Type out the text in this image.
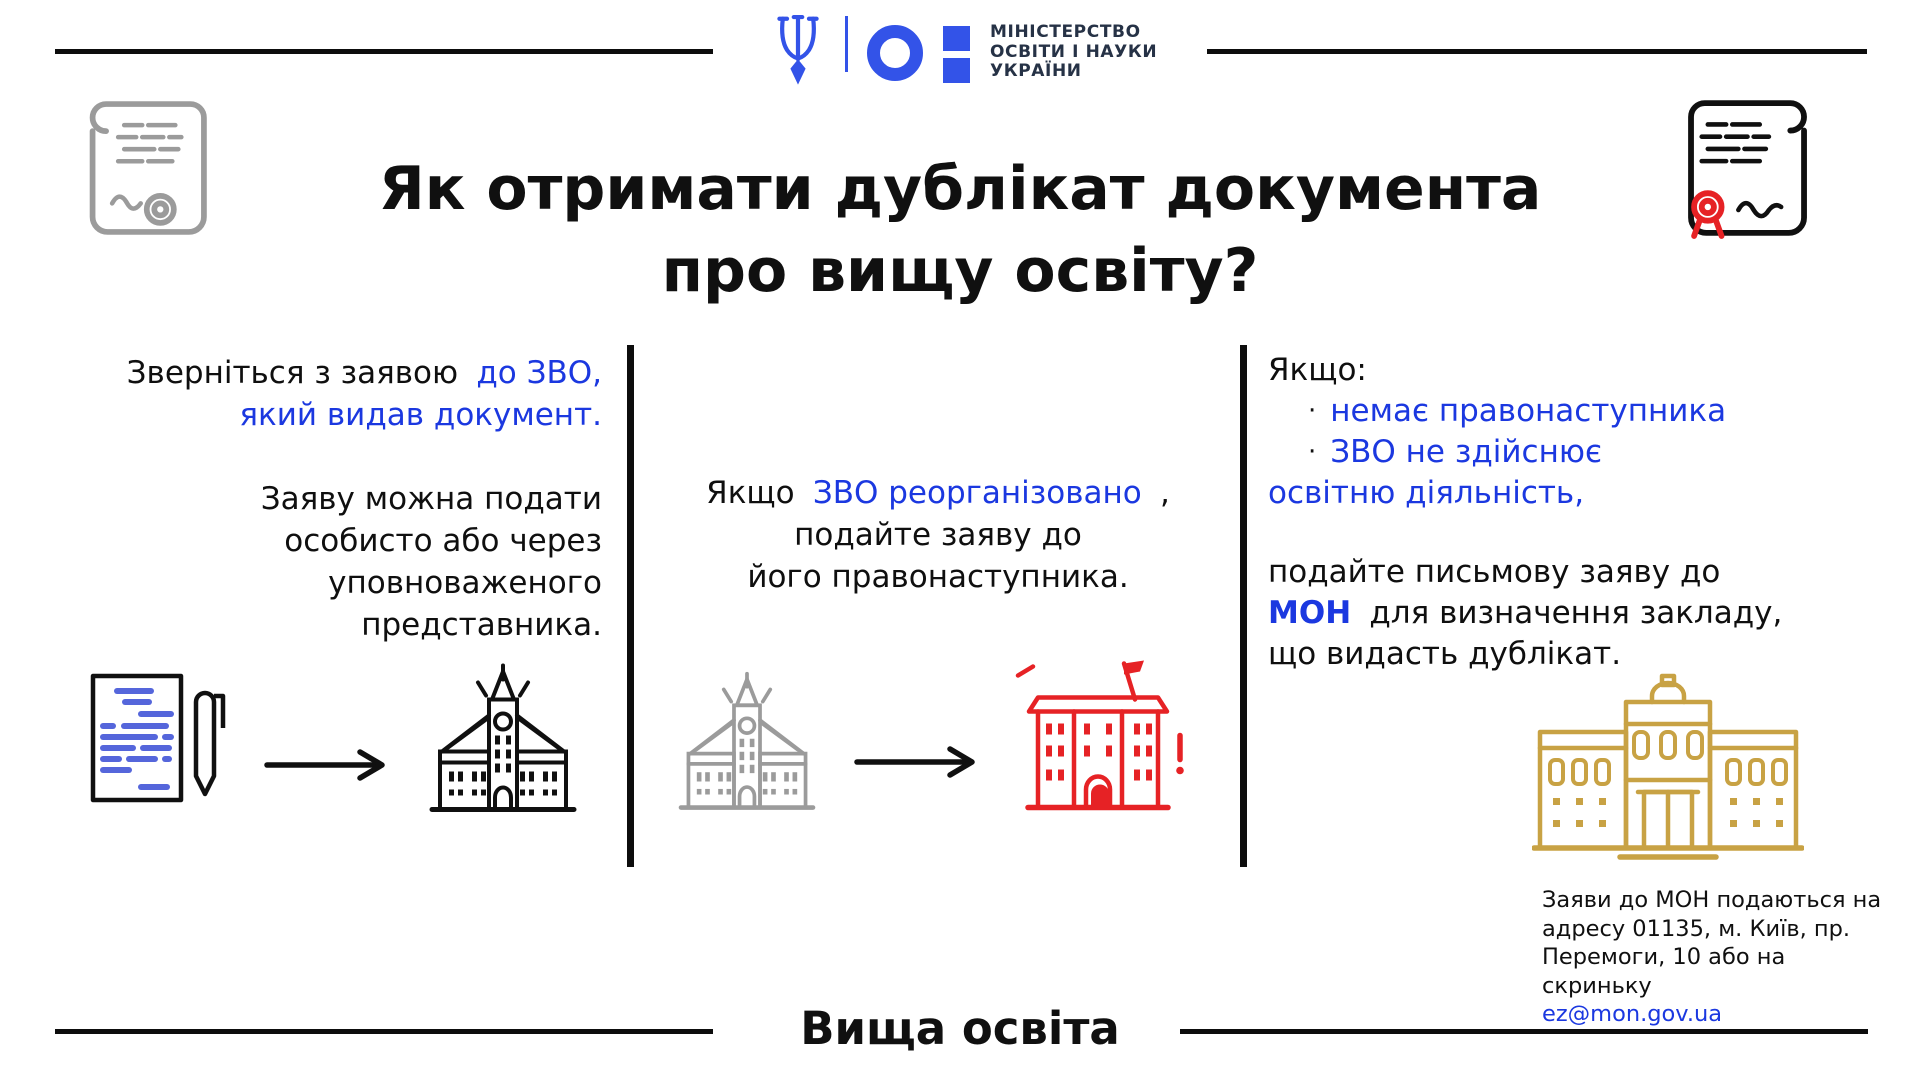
МІНІСТЕРСТВО
ОСВІТИ І НАУКИ
УКРАЇНИ
Як отримати дублікат документа
про вищу освіту?
Зверніться з заявою до ЗВО,
який видав документ.
Заяву можна подати
особисто або через
уповноваженого
представника.
Якщо ЗВО реорганізовано ,
подайте заяву до
його правонаступника.
Якщо:
· немає правонаступника
· ЗВО не здійснює
освітню діяльність,
подайте письмову заяву до
МОН для визначення закладу,
що видасть дублікат.
Заяви до МОН подаються на
адресу 01135, м. Київ, пр.
Перемоги, 10 або на скриньку
ez@mon.gov.ua
Вища освіта
